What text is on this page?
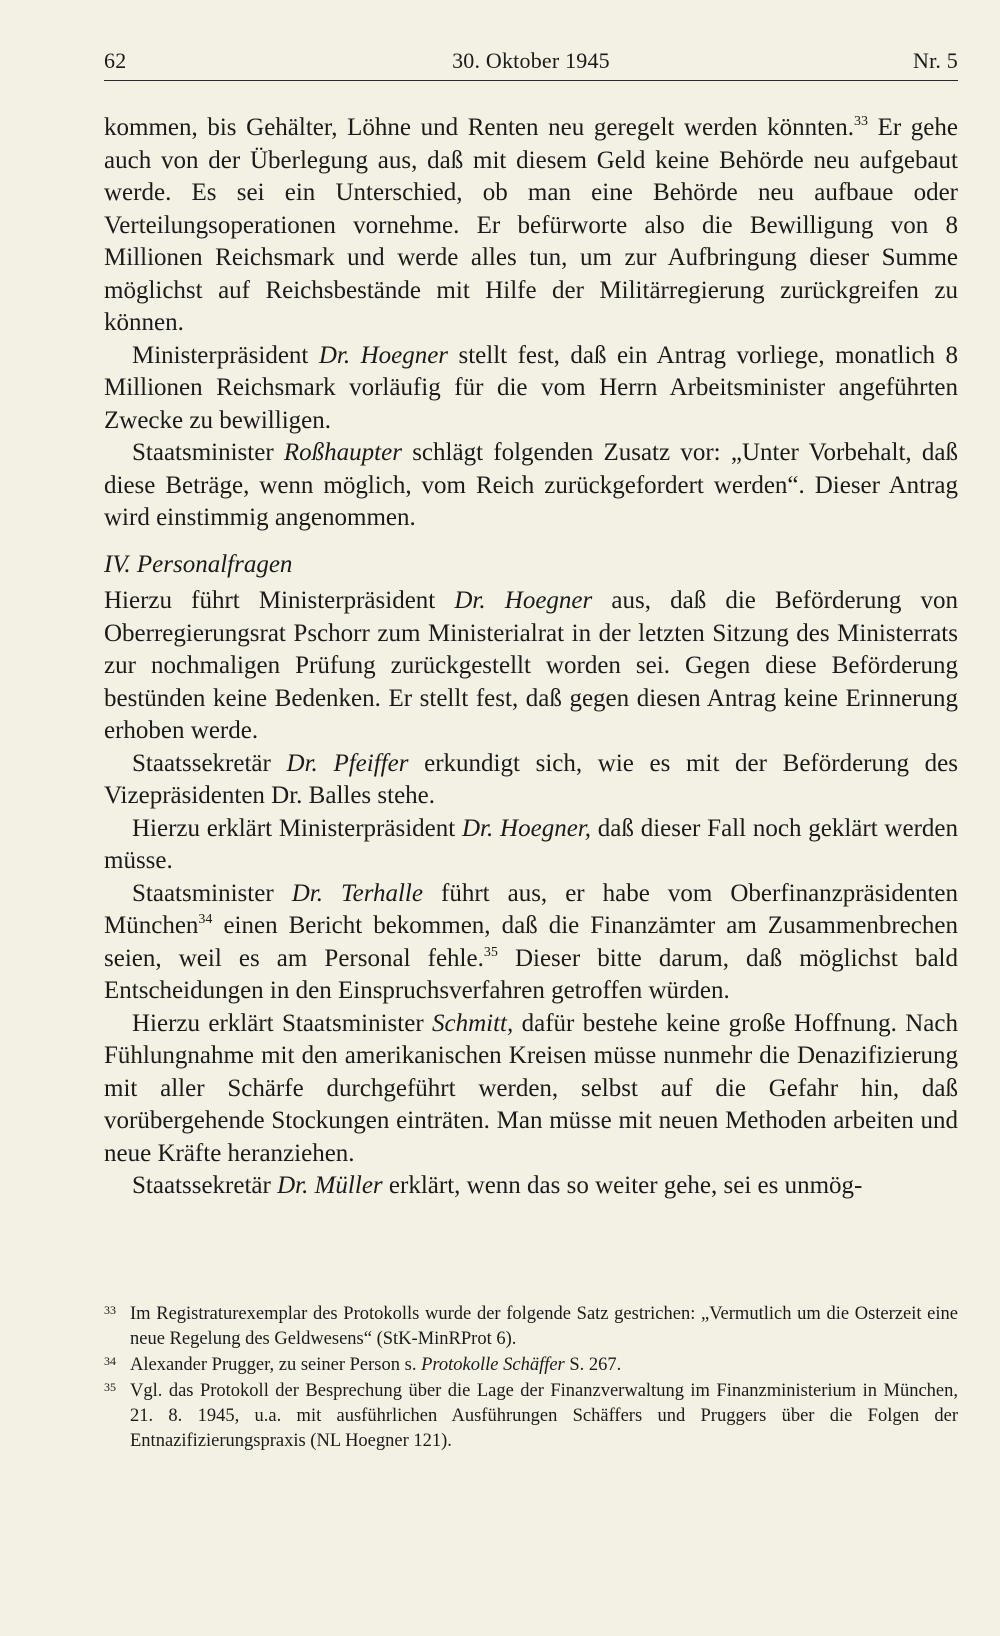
62	30. Oktober 1945	Nr. 5

kommen, bis Gehälter, Löhne und Renten neu geregelt werden könnten.$^{33}$ Er gehe auch von der Überlegung aus, daß mit diesem Geld keine Behörde neu aufgebaut werde. Es sei ein Unterschied, ob man eine Behörde neu aufbaue oder Verteilungsoperationen vornehme. Er befürworte also die Bewilligung von 8 Millionen Reichsmark und werde alles tun, um zur Aufbringung dieser Summe möglichst auf Reichsbestände mit Hilfe der Militärregierung zurückgreifen zu können.

Ministerpräsident Dr. Hoegner stellt fest, daß ein Antrag vorliege, monatlich 8 Millionen Reichsmark vorläufig für die vom Herrn Arbeitsminister angeführten Zwecke zu bewilligen.

Staatsminister Roßhaupter schlägt folgenden Zusatz vor: „Unter Vorbehalt, daß diese Beträge, wenn möglich, vom Reich zurückgefordert werden“. Dieser Antrag wird einstimmig angenommen.

IV. Personalfragen

Hierzu führt Ministerpräsident Dr. Hoegner aus, daß die Beförderung von Oberregierungsrat Pschorr zum Ministerialrat in der letzten Sitzung des Ministerrats zur nochmaligen Prüfung zurückgestellt worden sei. Gegen diese Beförderung bestünden keine Bedenken. Er stellt fest, daß gegen diesen Antrag keine Erinnerung erhoben werde.

Staatssekretär Dr. Pfeiffer erkundigt sich, wie es mit der Beförderung des Vizepräsidenten Dr. Balles stehe.

Hierzu erklärt Ministerpräsident Dr. Hoegner, daß dieser Fall noch geklärt werden müsse.

Staatsminister Dr. Terhalle führt aus, er habe vom Oberfinanzpräsidenten München$^{34}$ einen Bericht bekommen, daß die Finanzämter am Zusammenbrechen seien, weil es am Personal fehle.$^{35}$ Dieser bitte darum, daß möglichst bald Entscheidungen in den Einspruchsverfahren getroffen würden.

Hierzu erklärt Staatsminister Schmitt, dafür bestehe keine große Hoffnung. Nach Fühlungnahme mit den amerikanischen Kreisen müsse nunmehr die Denazifizierung mit aller Schärfe durchgeführt werden, selbst auf die Gefahr hin, daß vorübergehende Stockungen einträten. Man müsse mit neuen Methoden arbeiten und neue Kräfte heranziehen.

Staatssekretär Dr. Müller erklärt, wenn das so weiter gehe, sei es unmög-

33 Im Registraturexemplar des Protokolls wurde der folgende Satz gestrichen: „Vermutlich um die Osterzeit eine neue Regelung des Geldwesens“ (StK-MinRProt 6).

34 Alexander Prugger, zu seiner Person s. Protokolle Schäffer S. 267.

35 Vgl. das Protokoll der Besprechung über die Lage der Finanzverwaltung im Finanzministerium in München, 21. 8. 1945, u.a. mit ausführlichen Ausführungen Schäffers und Pruggers über die Folgen der Entnazifizierungspraxis (NL Hoegner 121).
